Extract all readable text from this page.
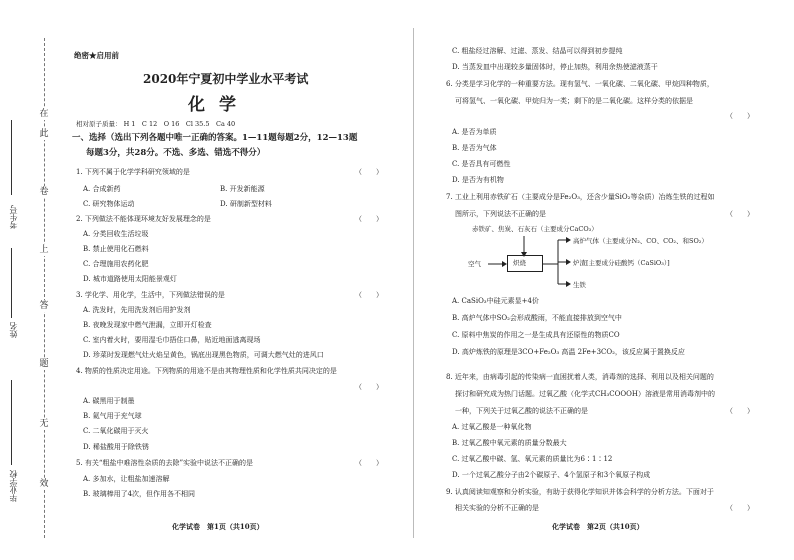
在
此
卷
上
答
题
无
效
考生号
姓名
毕业学校
绝密★启用前
2020年宁夏初中学业水平考试
化学
相对原子质量： H 1　C 12　O 16　Cl 35.5　Ca 40
一、选择（选出下列各题中唯一正确的答案。1—11题每题2分，12—13题
每题3分，共28分。不选、多选、错选不得分）
1. 下列不属于化学学科研究领域的是	（　　）
A. 合成新药	B. 开发新能源
C. 研究物体运动	D. 研制新型材料
2. 下列做法不能体现环境友好发展理念的是	（　　）
A. 分类回收生活垃圾
B. 禁止使用化石燃料
C. 合理施用农药化肥
D. 城市道路使用太阳能景观灯
3. 学化学、用化学，生活中，下列做法错误的是	（　　）
A. 洗发时，先用洗发剂后用护发剂
B. 夜晚发现家中燃气泄漏，立即开灯检查
C. 室内着火时，要用湿毛巾捂住口鼻，贴近地面逃离现场
D. 珍菜时发现燃气灶火焰呈黄色，锅底出现黑色物质，可调大燃气灶的进风口
4. 物质的性质决定用途。下列物质的用途不是由其物理性质和化学性质共同决定的是
（　　）
A. 碳黑用于制墨
B. 氦气用于充气球
C. 二氧化碳用于灭火
D. 稀盐酸用于除铁锈
5. 有关“粗盐中难溶性杂质的去除”实验中说法不正确的是	（　　）
A. 多加水，让粗盐加速溶解
B. 玻璃棒用了4次，但作用各不相同
化学试卷　第1页（共10页）
C. 粗盐经过溶解、过滤、蒸发、结晶可以得到初步提纯
D. 当蒸发皿中出现较多量固体时，停止加热，利用余热使滤液蒸干
6. 分类是学习化学的一种重要方法。现有氢气、一氧化碳、二氧化碳、甲烷四种物质，
可将氢气、一氧化碳、甲烷归为一类；剩下的是二氧化碳。这样分类的依据是
（　　）
A. 是否为单质
B. 是否为气体
C. 是否具有可燃性
D. 是否为有机物
7. 工业上利用赤铁矿石（主要成分是Fe₂O₃，还含少量SiO₂等杂质）冶炼生铁的过程如
图所示，下列说法不正确的是	（　　）
赤铁矿、焦炭、石灰石（主要成分CaCO₃）
空气	炽烧
高炉气体（主要成分N₂、CO、CO₂、和SO₂）
炉渣[主要成分硅酸钙（CaSiO₃）]
生铁
A. CaSiO₃中硅元素显+4价
B. 高炉气体中SO₂会形成酸雨，不能直接排放到空气中
C. 原料中焦炭的作用之一是生成具有还原性的物质CO
D. 高炉炼铁的原理是3CO+Fe₂O₃ 高温 2Fe+3CO₂，该反应属于置换反应
8. 近年来，由病毒引起的传染病一直困扰着人类，消毒剂的选择、利用以及相关问题的
探讨和研究成为热门话题。过氧乙酸（化学式CH₃COOOH）溶液是常用消毒剂中的
一种，下列关于过氧乙酸的说法不正确的是	（　　）
A. 过氧乙酸是一种氧化物
B. 过氧乙酸中氧元素的质量分数最大
C. 过氧乙酸中碳、氢、氧元素的质量比为6∶1∶12
D. 一个过氧乙酸分子由2个碳原子、4个氢原子和3个氧原子构成
9. 认真阅读知观察和分析实验，有助于获得化学知识并体会科学的分析方法。下面对于
相关实验的分析不正确的是	（　　）
化学试卷　第2页（共10页）
